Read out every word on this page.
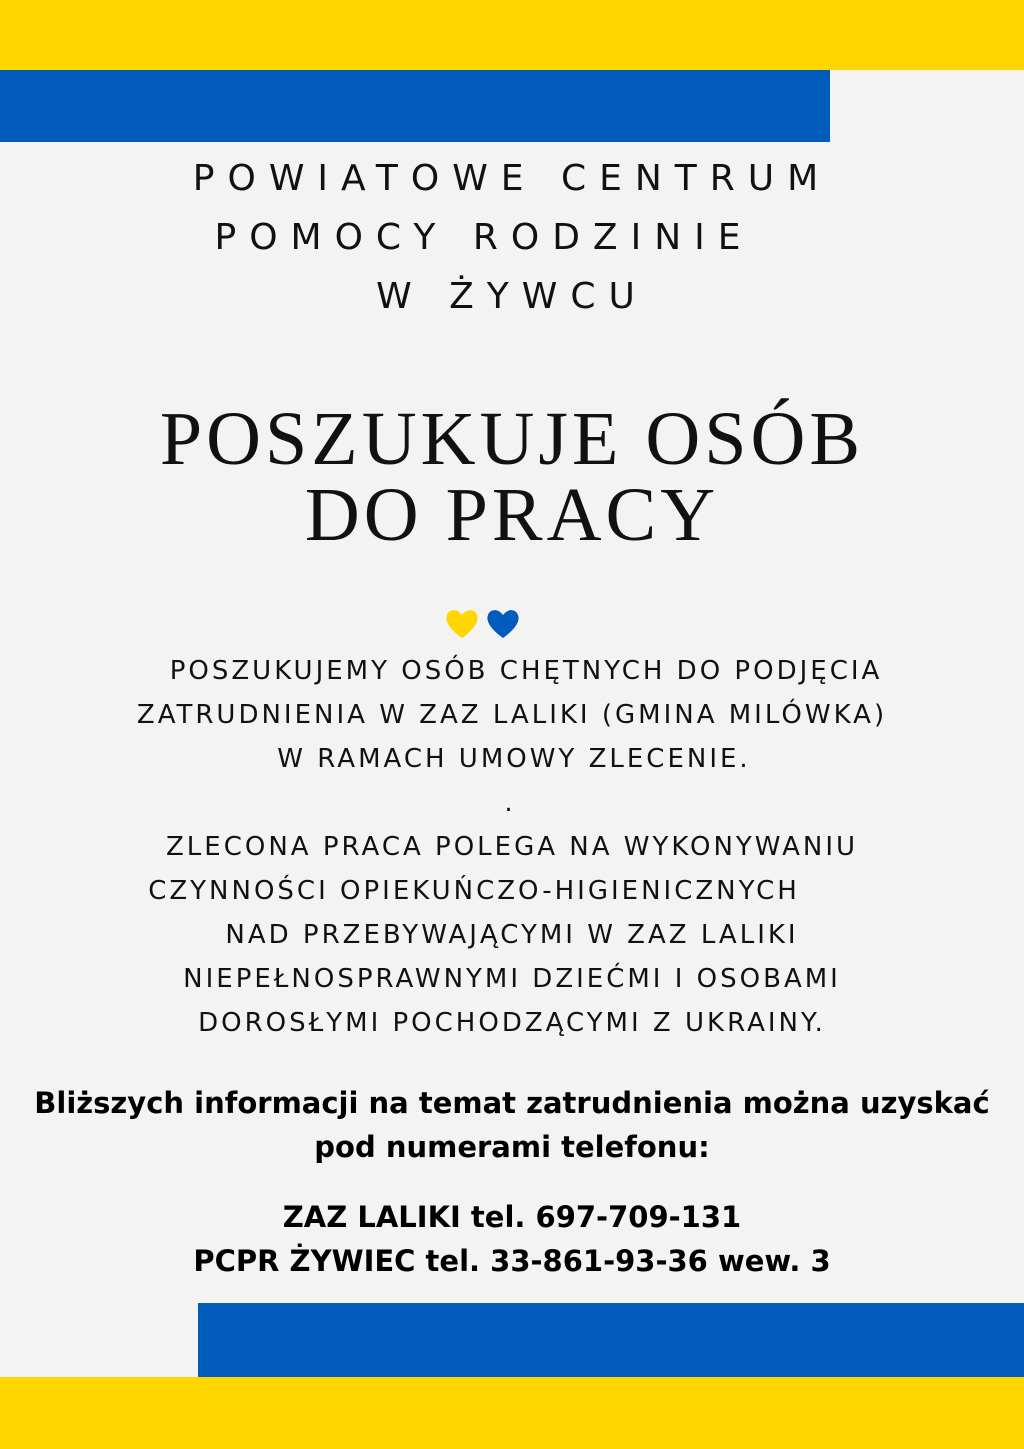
POWIATOWE CENTRUM
POMOCY RODZINIE
W ŻYWCU
POSZUKUJE OSÓB
DO PRACY
POSZUKUJEMY OSÓB CHĘTNYCH DO PODJĘCIA
ZATRUDNIENIA W ZAZ LALIKI (GMINA MILÓWKA)
W RAMACH UMOWY ZLECENIE.
.
ZLECONA PRACA POLEGA NA WYKONYWANIU
CZYNNOŚCI OPIEKUŃCZO-HIGIENICZNYCH
NAD PRZEBYWAJĄCYMI W ZAZ LALIKI
NIEPEŁNOSPRAWNYMI DZIEĆMI I OSOBAMI
DOROSŁYMI POCHODZĄCYMI Z UKRAINY.
Bliższych informacji na temat zatrudnienia można uzyskać
pod numerami telefonu:
ZAZ LALIKI tel. 697-709-131
PCPR ŻYWIEC tel. 33-861-93-36 wew. 3
